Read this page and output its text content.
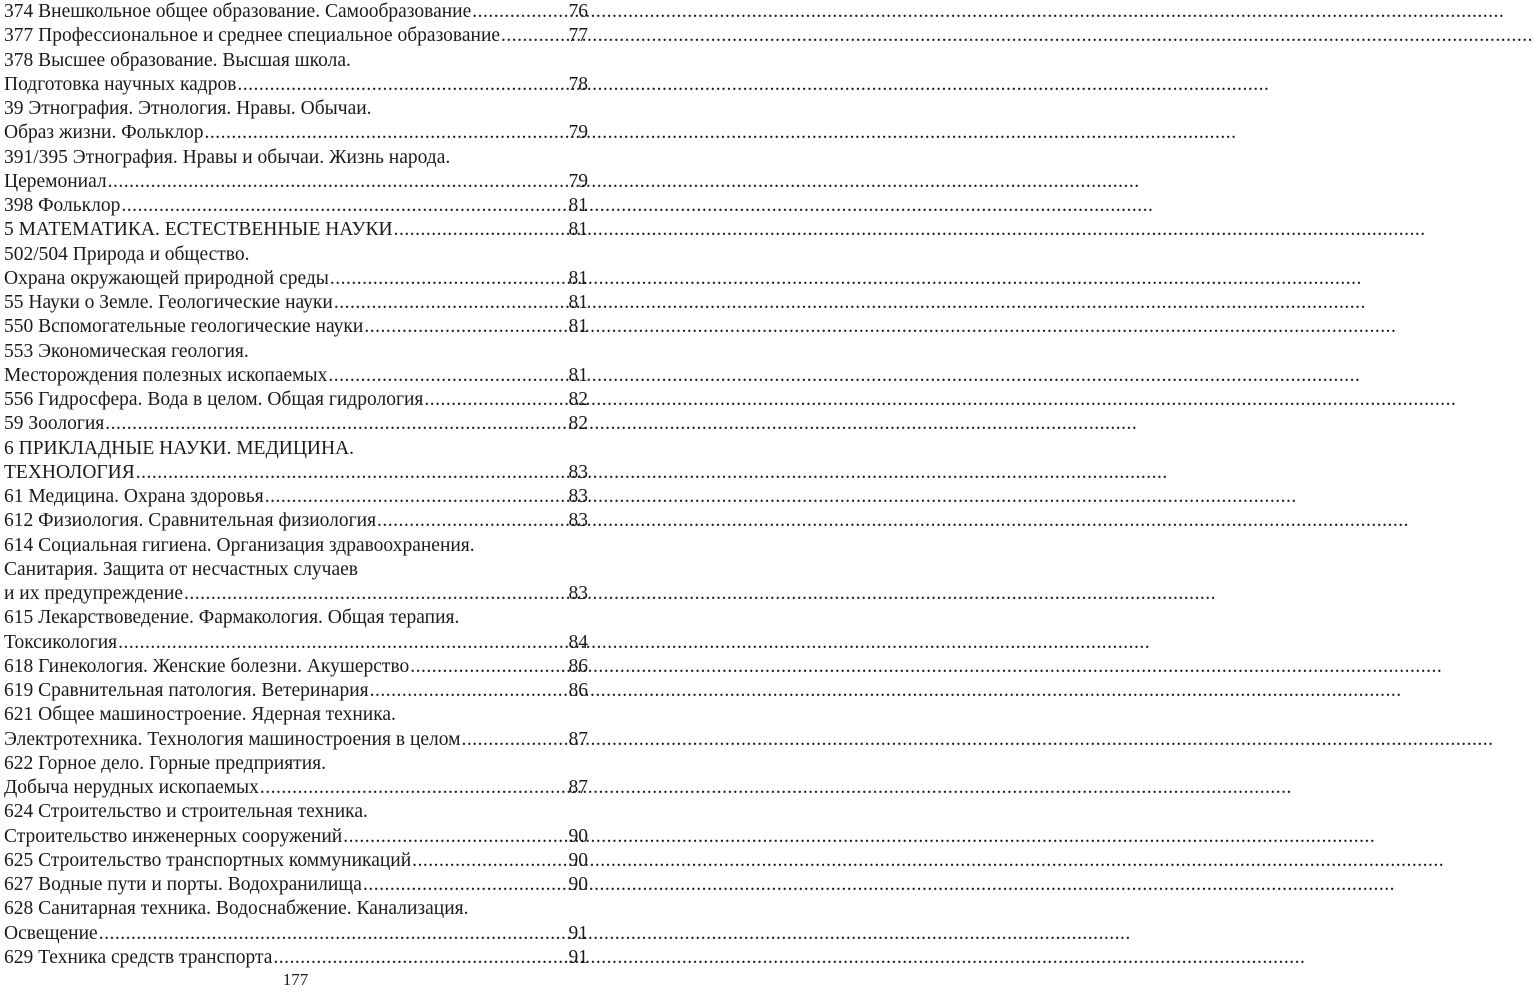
374 Внешкольное общее образование. Самообразование .....	76
377 Профессиональное и среднее специальное образование .....	77
378 Высшее образование. Высшая школа.
Подготовка научных кадров .....	78
39 Этнография. Этнология. Нравы. Обычаи.
Образ жизни. Фольклор .....	79
391/395 Этнография. Нравы и обычаи. Жизнь народа.
Церемониал .....	79
398 Фольклор .....	81
5 МАТЕМАТИКА. ЕСТЕСТВЕННЫЕ НАУКИ .....	81
502/504 Природа и общество.
Охрана окружающей природной среды .....	81
55 Науки о Земле. Геологические науки .....	81
550 Вспомогательные геологические науки .....	81
553 Экономическая геология.
Месторождения полезных ископаемых .....	81
556 Гидросфера. Вода в целом. Общая гидрология .....	82
59 Зоология .....	82
6 ПРИКЛАДНЫЕ НАУКИ. МЕДИЦИНА.
ТЕХНОЛОГИЯ .....	83
61 Медицина. Охрана здоровья .....	83
612 Физиология. Сравнительная физиология .....	83
614 Социальная гигиена. Организация здравоохранения.
Санитария. Защита от несчастных случаев
и их предупреждение .....	83
615 Лекарствоведение. Фармакология. Общая терапия.
Токсикология .....	84
618 Гинекология. Женские болезни. Акушерство .....	86
619 Сравнительная патология. Ветеринария .....	86
621 Общее машиностроение. Ядерная техника.
Электротехника. Технология машиностроения в целом .....	87
622 Горное дело. Горные предприятия.
Добыча нерудных ископаемых .....	87
624 Строительство и строительная техника.
Строительство инженерных сооружений .....	90
625 Строительство транспортных коммуникаций .....	90
627 Водные пути и порты. Водохранилища .....	90
628 Санитарная техника. Водоснабжение. Канализация.
Освещение .....	91
629 Техника средств транспорта .....	91
177
